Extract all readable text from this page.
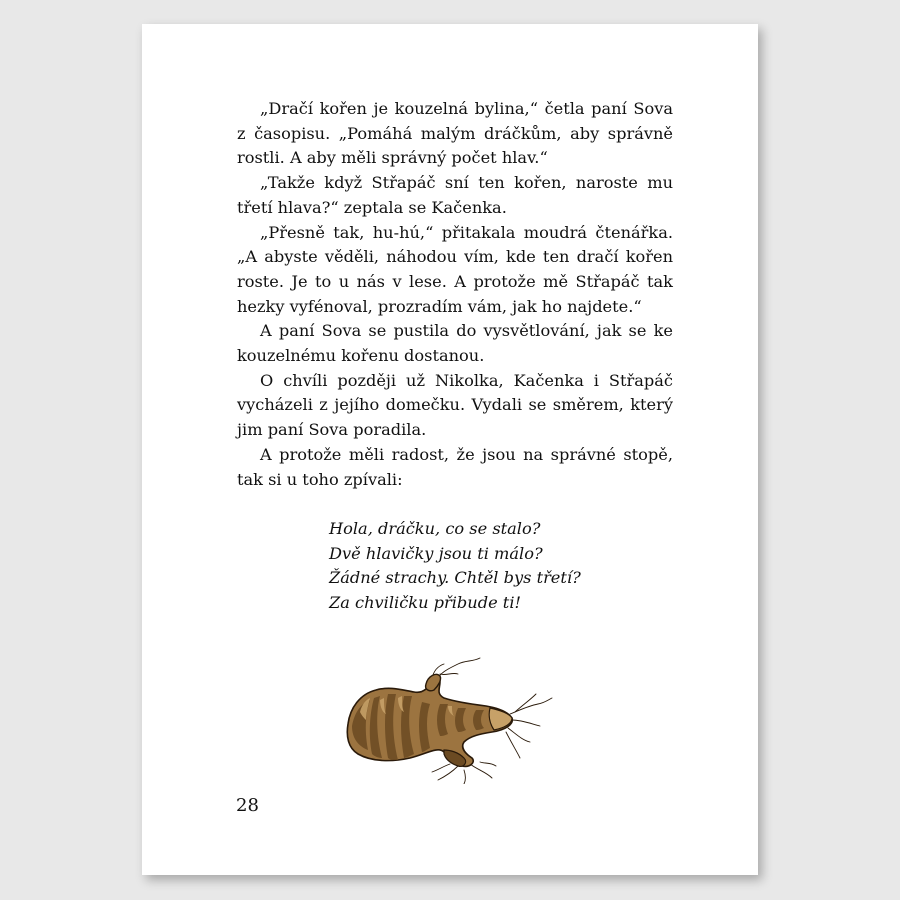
„Dračí kořen je kouzelná bylina,“ četla paní Sova z časopisu. „Pomáhá malým dráčkům, aby správně rostli. A aby měli správný počet hlav.“

„Takže když Střapáč sní ten kořen, naroste mu třetí hlava?“ zeptala se Kačenka.

„Přesně tak, hu-hú,“ přitakala moudrá čtenářka. „A abyste věděli, náhodou vím, kde ten dračí kořen roste. Je to u nás v lese. A protože mě Střapáč tak hezky vyfénoval, prozradím vám, jak ho najdete.“

A paní Sova se pustila do vysvětlování, jak se ke kouzelnému kořenu dostanou.

O chvíli později už Nikolka, Kačenka i Střapáč vycházeli z jejího domečku. Vydali se směrem, který jim paní Sova poradila.

A protože měli radost, že jsou na správné stopě, tak si u toho zpívali:

Hola, dráčku, co se stalo?
Dvě hlavičky jsou ti málo?
Žádné strachy. Chtěl bys třetí?
Za chviličku přibude ti!
28
